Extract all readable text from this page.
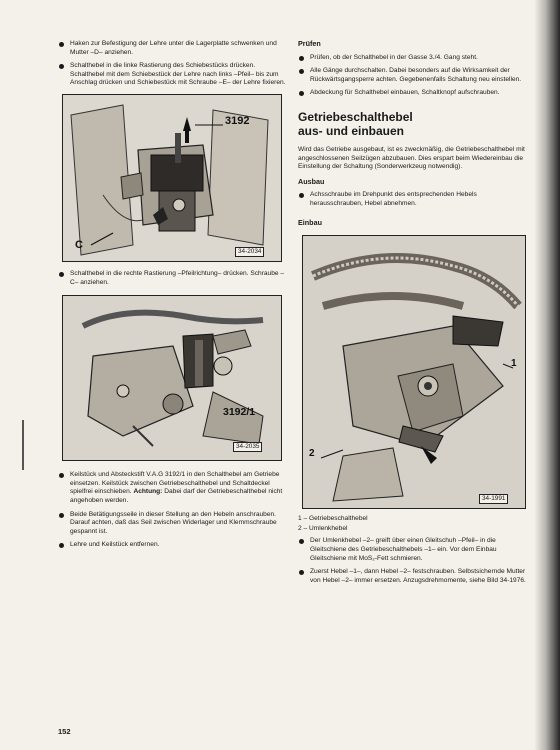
Haken zur Befestigung der Lehre unter die Lagerplatte schwenken und Mutter –D– anziehen.
Schalthebel in die linke Rastierung des Schiebestücks drücken. Schalthebel mit dem Schiebestück der Lehre nach links –Pfeil– bis zum Anschlag drücken und Schiebestück mit Schraube –E– der Lehre fixieren.
3192
C
34-2034
Schalthebel in die rechte Rastierung –Pfeilrichtung– drücken. Schraube –C– anziehen.
3192/1
34-2035
Keilstück und Absteckstift V.A.G 3192/1 in den Schalthebel am Getriebe einsetzen. Keilstück zwischen Getriebeschalthebel und Schaltdeckel spielfrei einschieben. Achtung: Dabei darf der Getriebeschalthebel nicht angehoben werden.
Beide Betätigungsseile in dieser Stellung an den Hebeln anschrauben. Darauf achten, daß das Seil zwischen Widerlager und Klemmschraube gespannt ist.
Lehre und Keilstück entfernen.
Prüfen
Prüfen, ob der Schalthebel in der Gasse 3./4. Gang steht.
Alle Gänge durchschalten. Dabei besonders auf die Wirksamkeit der Rückwärtsgangsperre achten. Gegebenenfalls Schaltung neu einstellen.
Abdeckung für Schalthebel einbauen, Schaltknopf aufschrauben.
Getriebeschalthebel
aus- und einbauen
Wird das Getriebe ausgebaut, ist es zweckmäßig, die Getriebeschalthebel mit angeschlossenen Seilzügen abzubauen. Dies erspart beim Wiedereinbau die Einstellung der Schaltung (Sonderwerkzeug notwendig).
Ausbau
Achsschraube im Drehpunkt des entsprechenden Hebels herausschrauben, Hebel abnehmen.
Einbau
1
2
34-1991
1 – Getriebeschalthebel
2 – Umlenkhebel
Der Umlenkhebel –2– greift über einen Gleitschuh –Pfeil– in die Gleitschiene des Getriebeschalthebels –1– ein. Vor dem Einbau Gleitschiene mit MoS₂-Fett schmieren.
Zuerst Hebel –1–, dann Hebel –2– festschrauben. Selbstsichernde Mutter von Hebel –2– immer ersetzen. Anzugsdrehmomente, siehe Bild 34-1976.
152
